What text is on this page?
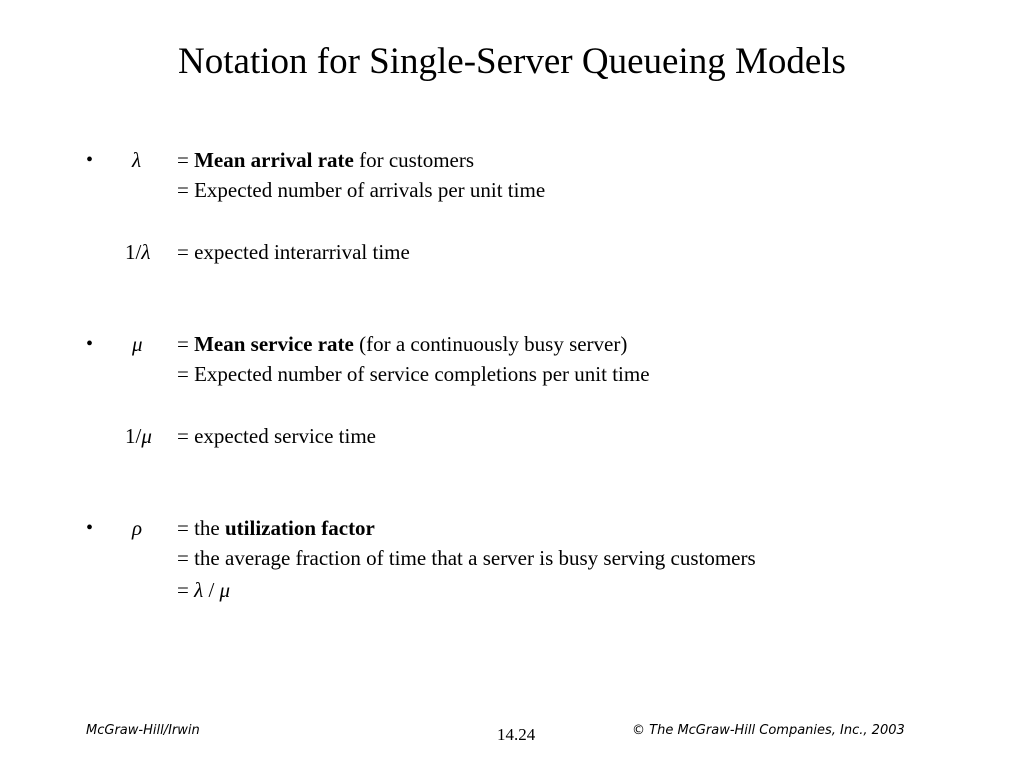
Notation for Single-Server Queueing Models
• λ = Mean arrival rate for customers
= Expected number of arrivals per unit time
1/λ = expected interarrival time
• μ = Mean service rate (for a continuously busy server)
= Expected number of service completions per unit time
1/μ = expected service time
• ρ = the utilization factor
= the average fraction of time that a server is busy serving customers
= λ / μ
McGraw-Hill/Irwin	14.24	© The McGraw-Hill Companies, Inc., 2003
